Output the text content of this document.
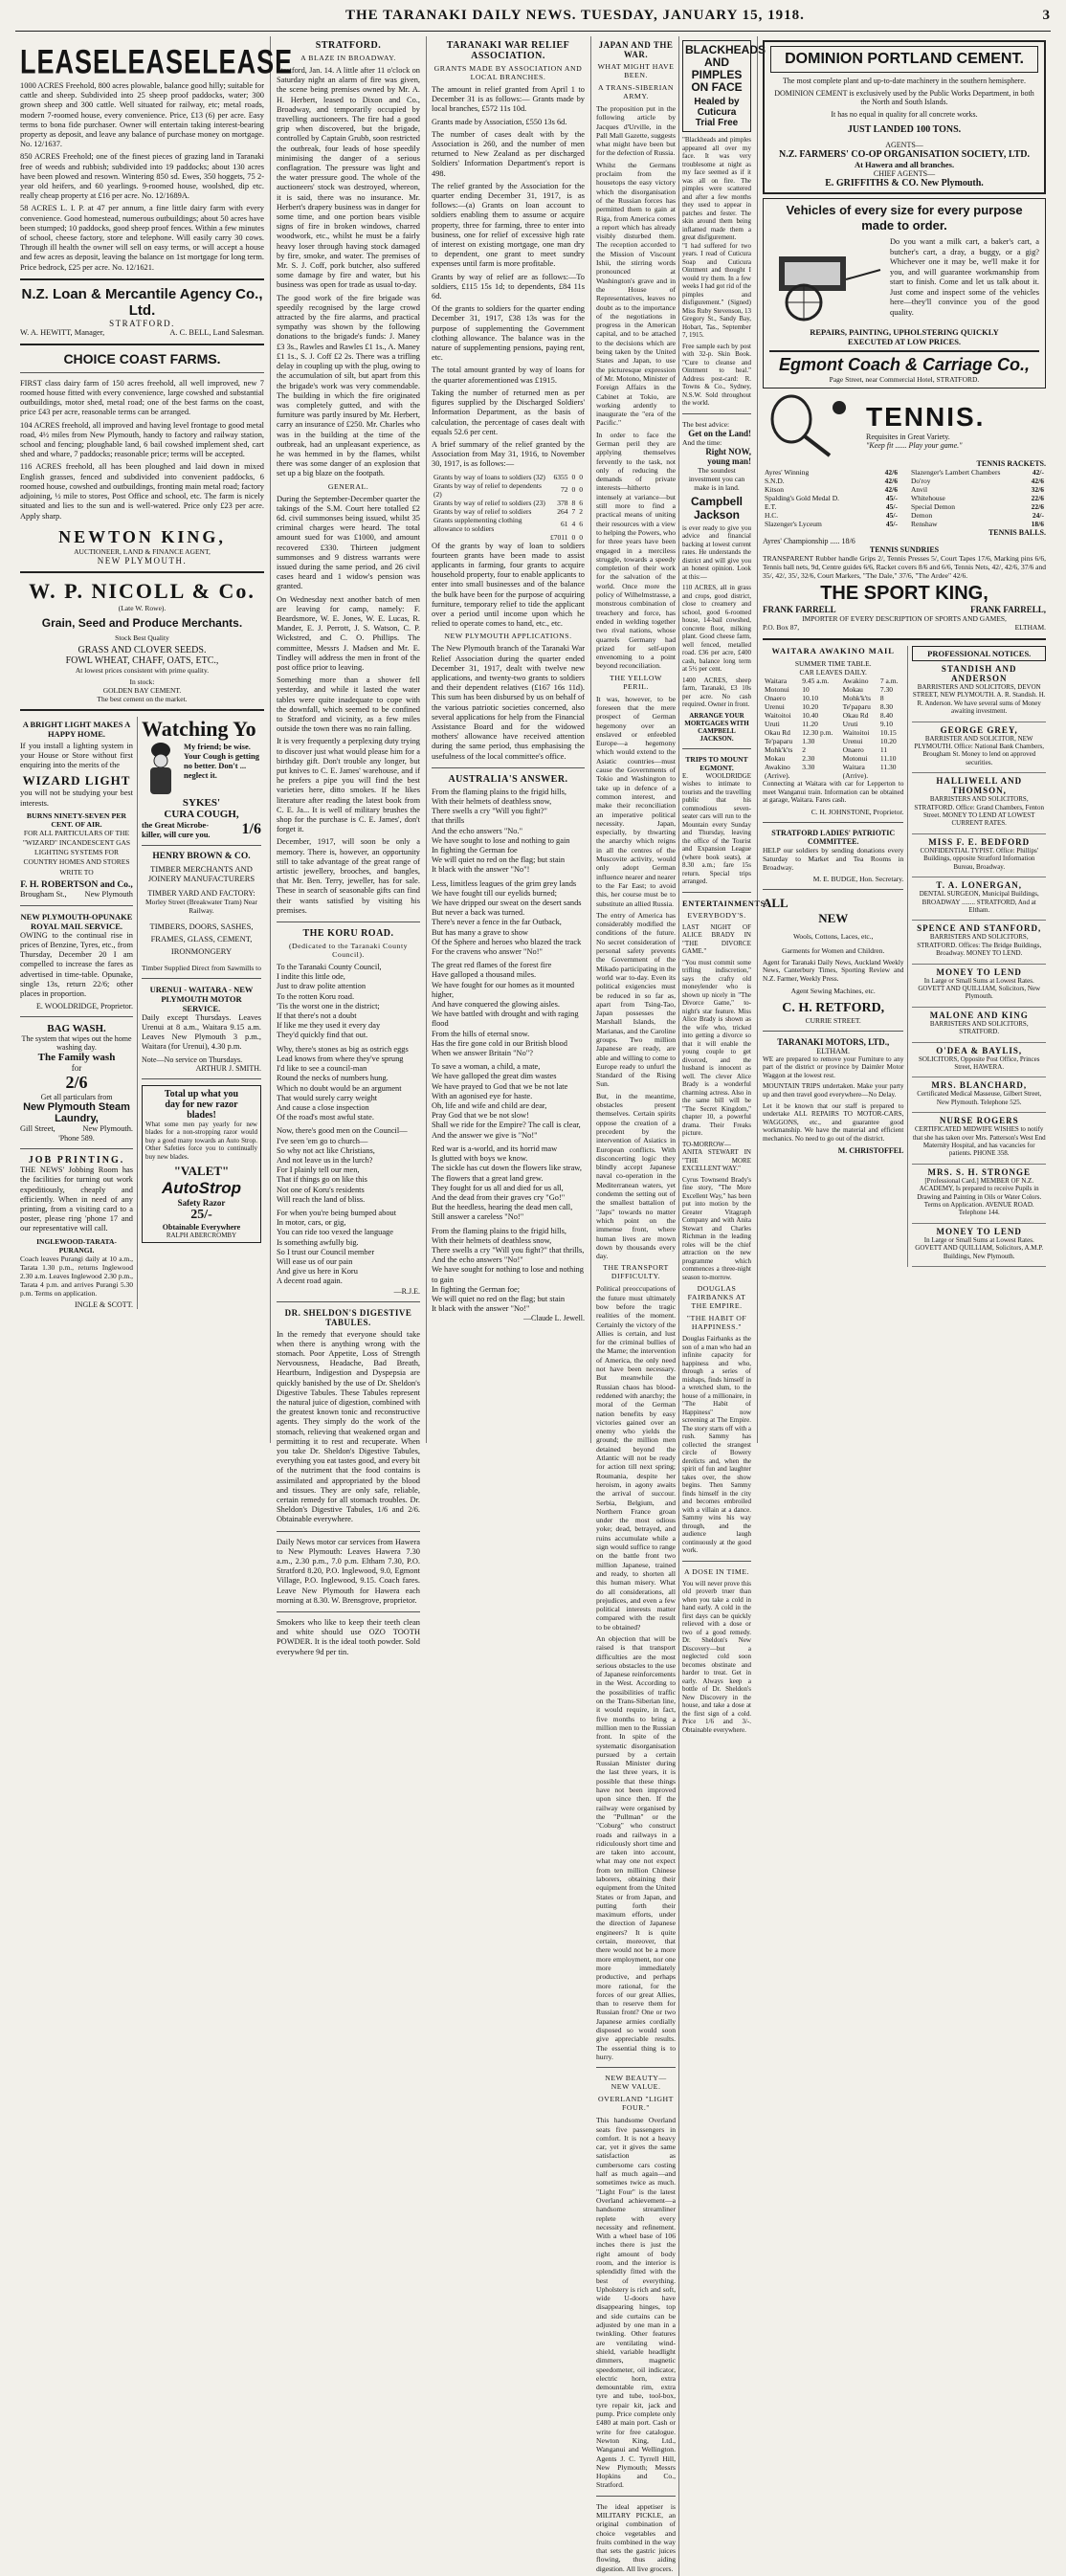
THE TARANAKI DAILY NEWS. TUESDAY, JANUARY 15, 1918.	3
LEASE LEASE LEASE

1000 ACRES Freehold, 800 acres plowable, balance good hilly; suitable for cattle and sheep. Subdivided into 25 sheep proof paddocks, water; 300 grown sheep and 300 cattle. Well situated for railway, etc; metal roads, modern 7-roomed house, every convenience. Price, £13 (6) per acre. Easy terms to bona fide purchaser. Owner will entertain taking interest-bearing property as deposit, and leave any balance of purchase money on mortgage. No. 12/1637.

850 ACRES Freehold; one of the finest pieces of grazing land in Taranaki free of weeds and rubbish; subdivided into 19 paddocks; about 130 acres have been plowed and resown. Wintering 850 sd. Ewes, 350 hoggets, 75 2-year old heifers, and 60 yearlings. 9-roomed house, woolshed, dip etc. really cheap property at £16 per acre. No. 12/1689A.

58 ACRES L. I. P. at 47 per annum, a fine little dairy farm with every convenience. Good homestead, numerous outbuildings; about 50 acres have been stumped; 10 paddocks, good sheep proof fences. Within a few minutes of school, cheese factory, store and telephone. Will easily carry 30 cows. Through ill health the owner will sell on easy terms, or will accept a house and few acres as deposit, leaving the balance on 1st mortgage for long term. Price bedrock, £25 per acre. No. 12/1621.

N.Z. Loan & Mercantile Agency Co., Ltd.
STRATFORD.
W. A. HEWITT, Manager,	A. C. BELL, Land Salesman.
CHOICE COAST FARMS.

FIRST class dairy farm of 150 acres freehold, all well improved, new 7 roomed house fitted with every convenience, large cowshed and substantial outbuildings, motor shed, metal road; one of the best farms on the coast, price £43 per acre, reasonable terms can be arranged.

104 ACRES freehold, all improved and having level frontage to good metal road, 4½ miles from New Plymouth, handy to factory and railway station, school and fencing; ploughable land, 6 bail cowshed implement shed, cart shed and whare, 7 paddocks; reasonable price; terms will be accepted.

116 ACRES freehold, all has been ploughed and laid down in mixed English grasses, fenced and subdivided into convenient paddocks, 6 roomed house, cowshed and outbuildings, fronting main metal road; factory adjoining, ½ mile to stores, Post Office and school, etc. The farm is nicely situated and lies to the sun and is well-watered. Price only £23 per acre. Apply sharp.

NEWTON KING,
AUCTIONEER, LAND & FINANCE AGENT,
NEW PLYMOUTH.
W. P. NICOLL & Co.
(Late W. Rowe).
Grain, Seed and Produce Merchants.
Stock Best Quality
GRASS AND CLOVER SEEDS.
FOWL WHEAT, CHAFF, OATS, ETC.,
At lowest prices consistent with prime quality.
In stock:
GOLDEN BAY CEMENT.
The best cement on the market.
A BRIGHT LIGHT MAKES A HAPPY HOME.

If you install a lighting system in your House or Store without first enquiring into the merits of the

WIZARD LIGHT

you will not be studying your best interests.

BURNS NINETY-SEVEN PER CENT. OF AIR.

FOR ALL PARTICULARS OF THE "WIZARD" INCANDESCENT GAS LIGHTING SYSTEMS FOR COUNTRY HOMES AND STORES WRITE TO

F. H. ROBERTSON and Co.,
Brougham St., New Plymouth
NEW PLYMOUTH-OPUNAKE ROYAL MAIL SERVICE.

OWING to the continual rise in prices of Benzine, Tyres, etc., from Thursday, December 20 I am compelled to increase the fares as advertised in time-table. Opunake, single 13s, return 22/6; other places in proportion.

E. WOOLDRIDGE, Proprietor.
BAG WASH.
The system that wipes out the home washing day.
The Family wash
for
2/6
Get all particulars from
New Plymouth Steam Laundry,
Gill Street,	New Plymouth.
'Phone 589.
JOB PRINTING.

THE NEWS' Jobbing Room has the facilities for turning out work expeditiously, cheaply and efficiently. When in need of any printing, from a visiting card to a poster, please ring 'phone 17 and our representative will call.

INGLEWOOD-TARATA-PURANGI.

Coach leaves Purangi daily at 10 a.m., Tarata 1.30 p.m., returns Inglewood 2.30 a.m. Leaves Inglewood 2.30 p.m., Tarata 4 p.m. and arrives Purangi 5.30 p.m. Terms on application.

INGLE & SCOTT.
Watching Yo
My friend; be wise.
Your Cough is getting no better. Don't ... neglect it.
SYKES'
CURA COUGH,
the Great Microbe-killer, will cure you.	1/6
HENRY BROWN & CO.
TIMBER MERCHANTS AND
JOINERY MANUFACTURERS
TIMBER YARD AND FACTORY:
Morley Street (Breakwater Tram) Near Railway.
TIMBERS, DOORS, SASHES, FRAMES, GLASS, CEMENT, IRONMONGERY
Timber Supplied Direct from Sawmills to
URENUI - WAITARA - NEW PLYMOUTH MOTOR SERVICE.

Daily except Thursdays. Leaves Urenui at 8 a.m., Waitara 9.15 a.m. Leaves New Plymouth 3 p.m., Waitara (for Urenui), 4.30 p.m.

Note—No service on Thursdays.
ARTHUR J. SMITH.
Total up what you
day for new razor
blades!

What some men pay yearly for new blades for a non-stropping razor would buy a good many towards an Auto Strop. Other Safeties force you to continually buy new blades.

"VALET"
AutoStrop
Safety Razor
25/-
Obtainable Everywhere
RALPH ABERCROMBY
STRATFORD.
A BLAZE IN BROADWAY.

Stratford, Jan. 14. A little after 11 o'clock on Saturday night an alarm of fire was given, the scene being premises owned by Mr. A. H. Herbert, leased to Dixon and Co., Broadway, and temporarily occupied by travelling auctioneers. The fire had a good grip when discovered, but the brigade, controlled by Captain Grubb, soon restricted the outbreak, four leads of hose speedily minimising the danger of a serious conflagration. The pressure was light and the water pressure good. The whole of the auctioneers' stock was destroyed, whereon, it is said, there was no insurance. Mr. Herbert's drapery business was in danger for some time, and one portion bears visible signs of fire in broken windows, charred woodwork, etc., whilst he must be a fairly heavy loser through having stock damaged by fire, smoke, and water. The premises of Mr. S. J. Coff, pork butcher, also suffered some damage by fire and water, but his business was open for trade as usual to-day.

The good work of the fire brigade was speedily recognised by the large crowd attracted by the fire alarms, and practical sympathy was shown by the following donations to the brigade's funds: J. Maney £3 3s., Rawles and Rawles £1 1s., A. Maney £1 1s., S. J. Coff £2 2s. There was a trifling delay in coupling up with the plug, owing to the accumulation of silt, but apart from this the brigade's work was very commendable. The building in which the fire originated was completely gutted, and with the furniture was partly insured by Mr. Herbert, carry an insurance of £250. Mr. Charles who was in the building at the time of the outbreak, had an unpleasant experience, as he was hemmed in by the flames, whilst there was some danger of an explosion that set up a big blaze on the footpath.

GENERAL.

During the September-December quarter the takings of the S.M. Court here totalled £2 6d. civil summonses being issued, whilst 35 criminal charges were heard. The total amount sued for was £1000, and amount recovered £330. Thirteen judgment summonses and 9 distress warrants were issued during the same period, and 26 civil cases heard and 1 widow's pension was granted.

On Wednesday next another batch of men are leaving for camp, namely: F. Beardsmore, W. E. Jones, W. E. Lucas, R. Mander, E. J. Perrott, J. S. Watson, C. P. Wickstred, and C. O. Phillips. The committee, Messrs J. Madsen and Mr. E. Tindley will address the men in front of the post office prior to leaving.

Something more than a shower fell yesterday, and while it lasted the water tables were quite inadequate to cope with the downfall, which seemed to be confined to Stratford and vicinity, as a few miles outside the town there was no rain falling.

It is very frequently a perplexing duty trying to discover just what would please him for a birthday gift. Don't trouble any longer, but put knives to C. E. James' warehouse, and if he prefers a pipe you will find the best varieties here, ditto smokes. If he likes literature after reading the latest book from C. E. Ja... It is well of military brushes the shop for the purchase is C. E. James', don't forget it.

December, 1917, will soon be only a memory. There is, however, an opportunity still to take advantage of the great range of artistic jewellery, brooches, and bangles, that Mr. Ben. Terry, jeweller, has for sale. These in search of seasonable gifts can find their wants satisfied by visiting his premises.

THE KORU ROAD.
(Dedicated to the Taranaki County Council).

To the Taranaki County Council,

I indite this little ode,

Just to draw polite attention

To the rotten Koru road.

'Tis the worst one in the district;

If that there's not a doubt

If like me they used it every day

They'd quickly find that out.

Why, there's stones as big as ostrich eggs

Lead knows from where they've sprung

I'd like to see a council-man

Round the necks of numbers hung.

Which no doubt would be an argument

That would surely carry weight

And cause a close inspection

Of the road's most awful state.

Now, there's good men on the Council—

I've seen 'em go to church—

So why not act like Christians,

And not leave us in the lurch?

For I plainly tell our men,

That if things go on like this

Not one of Koru's residents

Will reach the land of bliss.

For when you're being bumped about

In motor, cars, or gig,

You can ride too vexed the language

Is something awfully big.

So I trust our Council member

Will ease us of our pain

And give us here in Koru

A decent road again.

—R.J.E.
DR. SHELDON'S DIGESTIVE TABULES.

In the remedy that everyone should take when there is anything wrong with the stomach. Poor Appetite, Loss of Strength Nervousness, Headache, Bad Breath, Heartburn, Indigestion and Dyspepsia are quickly banished by the use of Dr. Sheldon's Digestive Tabules. These Tabules represent the natural juice of digestion, combined with the greatest known tonic and reconstructive agents. They simply do the work of the stomach, relieving that weakened organ and permitting it to rest and recuperate. When you take Dr. Sheldon's Digestive Tabules, everything you eat tastes good, and every bit of the nutriment that the food contains is assimilated and appropriated by the blood and tissues. They are only safe, reliable, certain remedy for all stomach troubles. Dr. Sheldon's Digestive Tabules, 1/6 and 2/6. Obtainable everywhere.

Daily News motor car services from Hawera to New Plymouth: Leaves Hawera 7.30 a.m., 2.30 p.m., 7.0 p.m. Eltham 7.30, P.O. Stratford 8.20, P.O. Inglewood, 9.0, Egmont Village, P.O. Inglewood, 9.15. Coach fares. Leave New Plymouth for Hawera each morning at 8.30. W. Brensgrove, proprietor.

Smokers who like to keep their teeth clean and white should use OZO TOOTH POWDER. It is the ideal tooth powder. Sold everywhere 9d per tin.

TARANAKI WAR RELIEF ASSOCIATION.
GRANTS MADE BY ASSOCIATION AND LOCAL BRANCHES.

The amount in relief granted from April 1 to December 31 is as follows:— Grants made by local branches, £572 11s 10d.

Grants made by Association, £550 13s 6d.

The number of cases dealt with by the Association is 260, and the number of men returned to New Zealand as per discharged Soldiers' Information Department's report is 498.

The relief granted by the Association for the quarter ending December 31, 1917, is as follows:—(a) Grants on loan account to soldiers enabling them to assume or acquire property, three for farming, three to enter into business, one for relief of excessive high rate of interest on existing mortgage, one man dry to dependent, one grant to meet sundry expenses until farm is more profitable.

Grants by way of relief are as follows:—To soldiers, £115 15s 1d; to dependents, £84 11s 6d.

Of the grants to soldiers for the quarter ending December 31, 1917, £38 13s was for the purpose of supplementing the Government clothing allowance. The balance was in the nature of supplementing pensions, paying rent, etc.

The total amount granted by way of loans for the quarter aforementioned was £1915.

Taking the number of returned men as per figures supplied by the Discharged Soldiers' Information Department, as the basis of calculation, the percentage of cases dealt with equals 52.6 per cent.

A brief summary of the relief granted by the Association from May 31, 1916, to November 30, 1917, is as follows:—

Grants by way of loans to soldiers (32)	6355	0	0
Grants by way of relief to dependents (2)	72	0	0
Grants by way of relief to soldiers (23)	378	8	6
Grants by way of relief to soldiers	264	7	2
Grants supplementing clothing allowance to soldiers	61	4	6
	£7011	0	0

Of the grants by way of loan to soldiers fourteen grants have been made to assist applicants in farming, four grants to acquire household property, four to enable applicants to enter into small businesses and of the balance the bulk have been for the purpose of acquiring furniture, temporary relief to tide the applicant over a period until income upon which he relied to operate comes to hand, etc., etc.

NEW PLYMOUTH APPLICATIONS.

The New Plymouth branch of the Taranaki War Relief Association during the quarter ended December 31, 1917, dealt with twelve new applications, and twenty-two grants to soldiers and their dependent relatives (£167 16s 11d). This sum has been disbursed by us on behalf of the various patriotic societies concerned, also several applications for help from the Financial Assistance Board and for the widowed mothers' allowance have received attention during the same period, thus emphasising the usefulness of the local committee's office.

AUSTRALIA'S ANSWER.

From the flaming plains to the frigid hills,

With their helmets of deathless snow,

There swells a cry "Will you fight?"

that thrills

And the echo answers "No."

We have sought to lose and nothing to gain

In fighting the German foe

We will quiet no red on the flag; but stain

It black with the answer "No"!

Less, limitless leagues of the grim grey lands

We have fought till our eyelids burned;

We have dripped our sweat on the desert sands

But never a back was turned.

There's never a fence in the far Outback,

But has many a grave to show

Of the Sphere and heroes who blazed the track

For the cravens who answer "No!"

The great red flames of the forest fire

Have galloped a thousand miles.

We have fought for our homes as it mounted higher,

And have conquered the glowing aisles.

We have battled with drought and with raging flood

From the hills of eternal snow.

Has the fire gone cold in our British blood

When we answer Britain "No"?

To save a woman, a child, a mate,

We have galloped the great dim wastes

We have prayed to God that we be not late

With an agonised eye for haste.

Oh, life and wife and child are dear,

Pray God that we be not slow!

Shall we ride for the Empire? The call is clear,

And the answer we give is "No!"

Red war is a-world, and its horrid maw

Is glutted with boys we know.

The sickle has cut down the flowers like straw,

The flowers that a great land grew.

They fought for us all and died for us all,

And the dead from their graves cry "Go!"

But the heedless, hearing the dead men call,

Still answer a careless "No!"

From the flaming plains to the frigid hills,

With their helmets of deathless snow,

There swells a cry "Will you fight?" that thrills,

And the echo answers "No!"

We have sought for nothing to lose and nothing to gain

In fighting the German foe;

We will quiet no red on the flag; but stain

It black with the answer "No!"

—Claude L. Jewell.
JAPAN AND THE WAR.
WHAT MIGHT HAVE BEEN.
A TRANS-SIBERIAN ARMY.

The proposition put in the following article by Jacques d'Urville, in the Pall Mall Gazette, suggests what might have been but for the defection of Russia.

Whilst the Germans proclaim from the housetops the easy victory which the disorganisation of the Russian forces has permitted them to gain at Riga, from America comes a report which has already visibly disturbed them. The reception accorded to the Mission of Viscount Ishii, the stirring words pronounced at Washington's grave and in the House of Representatives, leaves no doubt as to the importance of the negotiations in progress in the American capital, and to be attached to the decisions which are being taken by the United States and Japan, to use the picturesque expression of Mr. Motono, Minister of Foreign Affairs in the Cabinet at Tokio, are working ardently to inaugurate the "era of the Pacific."

In order to face the German peril they are applying themselves fervently to the task, not only of reducing the demands of private interests—hitherto intensely at variance—but still more to find a practical means of uniting their resources with a view to helping the Powers, who for three years have been engaged in a merciless struggle, towards a speedy completion of their work for the salvation of the world. Once more the policy of Wilhelmstrasse, a monstrous combination of treachery and force, has ended in welding together two rival nations, whose quarrels Germany had prized for self-upon envenoming to a point beyond reconciliation.

THE YELLOW PERIL.

It was, however, to be foreseen that the mere prospect of German hegemony over an enslaved or enfeebled Europe—a hegemony which would extend to the Asiatic countries—must cause the Governments of Tokio and Washington to take up in defence of a common interest, and make their reconciliation an imperative political necessity. Japan, especially, by thwarting the anarchy which reigns in all the centres of the Muscovite activity, would only adopt German influence nearer and nearer to the Far East; to avoid this, her course must be to substitute an allied Russia.

The entry of America has considerably modified the conditions of the future. No secret consideration of personal safety prevents the Government of the Mikado participating in the world war to-day. Even its political exigencies must be reduced in so far as, apart from Tsing-Tao, Japan possesses the Marshall Islands, the Marianas, and the Caroline groups. Two million Japanese are ready, are able and willing to come to Europe ready to unfurl the Standard of the Rising Sun.

But, in the meantime, obstacles present themselves. Certain spirits oppose the creation of a precedent by the intervention of Asiatics in European conflicts. With disconcerting logic they blindly accept Japanese naval co-operation in the Mediterranean waters, yet condemn the setting out of the smallest battalion of "Japs" towards no matter which point on the immense front, where human lives are mown down by thousands every day.

THE TRANSPORT DIFFICULTY.

Political preoccupations of the future must ultimately bow before the tragic realities of the moment. Certainly the victory of the Allies is certain, and lust for the criminal bullies of the Marne; the intervention of America, the only need not have been necessary. But meanwhile the Russian chaos has blood-reddened with anarchy; the moral of the German nation benefits by easy victories gained over an enemy who yields the ground; the million men detained beyond the Atlantic will not be ready for action till next spring; Roumania, despite her heroism, in agony awaits the arrival of succour. Serbia, Belgium, and Northern France groan under the most odious yoke; dead, betrayed, and ruins accumulate while a sign would suffice to range on the battle front two million Japanese, trained and ready, to shorten all this human misery. What do all considerations, all prejudices, and even a few political interests matter compared with the result to be obtained?

An objection that will be raised is that transport difficulties are the most serious obstacles to the use of Japanese reinforcements in the West. According to the possibilities of traffic on the Trans-Siberian line, it would require, in fact, five months to bring a million men to the Russian front. In spite of the systematic disorganisation pursued by a certain Russian Minister during the last three years, it is possible that these things have not been improved upon since then. If the railway were organised by the "Pullman" or the "Coburg" who construct roads and railways in a ridiculously short time and are taken into account, what may one not expect from ten million Chinese laborers, obtaining their equipment from the United States or from Japan, and putting forth their maximum efforts, under the direction of Japanese engineers? It is quite certain, moreover, that there would not be a more more employment, nor one more immediately productive, and perhaps more rational, for the forces of our great Allies, than to reserve them for Russian front? One or two Japanese armies cordially disposed so would soon give appreciable results. The essential thing is to hurry.

NEW BEAUTY—NEW VALUE.
OVERLAND "LIGHT FOUR."

This handsome Overland seats five passengers in comfort. It is not a heavy car, yet it gives the same satisfaction as cumbersome cars costing half as much again—and sometimes twice as much. "Light Four" is the latest Overland achievement—a handsome streamliner replete with every necessity and refinement. With a wheel base of 106 inches there is just the right amount of body room, and the interior is splendidly fitted with the best of everything. Upholstery is rich and soft, wide U-doors have disappearing hinges, top and side curtains can be adjusted by one man in a twinkling. Other features are ventilating wind-shield, variable headlight dimmers, magnetic speedometer, oil indicator, electric horn, extra demountable rim, extra tyre and tube, tool-box, tyre repair kit, jack and pump. Price complete only £480 at main port. Cash or write for free catalogue. Newton King, Ltd., Wanganui and Wellington. Agents J. C. Tyrrell Hill, New Plymouth; Messrs Hopkins and Co., Stratford.

The ideal appetiser is MILITARY PICKLE, an original combination of choice vegetables and fruits combined in the way that sets the gastric juices flowing, thus aiding digestion. All live grocers.

BLACKHEADS AND
PIMPLES ON FACE
Healed by Cuticura
Trial Free

"Blackheads and pimples appeared all over my face. It was very troublesome at night as my face seemed as if it was all on fire. The pimples were scattered and after a few months they used to appear in patches and fester. The skin around them being inflamed made them a great disfigurement.
"I had suffered for two years. I read of Cuticura Soap and Cuticura Ointment and thought I would try them. In a few weeks I had got rid of the pimples and disfigurement." (Signed) Miss Ruby Stevenson, 13 Gregory St., Sandy Bay, Hobart, Tas., September 7, 1915.

Free sample each by post with 32-p. Skin Book. "Cure to cleanse and Ointment to heal." Address post-card: R. Towns & Co., Sydney, N.S.W. Sold throughout the world.

The best advice:
Get on the Land!
And the time:
Right NOW, young man!
The soundest investment you can make is in land.
Campbell Jackson

is ever ready to give you advice and financial backing at lowest current rates. He understands the district and will give you an honest opinion. Look at this:—

110 ACRES, all in grass and crops, good district, close to creamery and school, good 6-roomed house, 14-bail cowshed, concrete floor, milking plant. Good cheese farm, well fenced, metalled road. £36 per acre, £400 cash, balance long term at 5½ per cent.

1400 ACRES, sheep farm, Taranaki, £3 10s per acre. No cash required. Owner in front.

ARRANGE YOUR MORTGAGES WITH CAMPBELL JACKSON.
TRIPS TO MOUNT EGMONT.

E. WOOLDRIDGE wishes to intimate to tourists and the travelling public that his commodious seven-seater cars will run to the Mountain every Sunday and Thursday, leaving the office of the Tourist and Expansion League (where book seats), at 8.30 a.m.; fare 15s return. Special trips arranged.

ENTERTAINMENTS.
EVERYBODY'S.

LAST NIGHT OF ALICE BRADY IN "THE DIVORCE GAME."

"You must commit some trifling indiscretion," says the crafty old moneylender who is shown up nicely in "The Divorce Game," to-night's star feature. Miss Alice Brady is shown as the wife who, tricked into getting a divorce so that it will enable the young couple to get divorced, and the husband is innocent as well. The clever Alice Brady is a wonderful charming actress. Also in the same bill will be "The Secret Kingdom," chapter 10, a powerful drama. Their Freaks picture.

TO-MORROW—ANITA STEWART IN "THE MORE EXCELLENT WAY."

Cyrus Townsend Brady's fine story, "The More Excellent Way," has been put into motion by the Greater Vitagraph Company and with Anita Stewart and Charles Richman in the leading roles will be the chief attraction on the new programme which commences a three-night season to-morrow.

DOUGLAS FAIRBANKS AT THE EMPIRE.
"THE HABIT OF HAPPINESS."

Douglas Fairbanks as the son of a man who had an infinite capacity for happiness and who, through a series of mishaps, finds himself in a wretched slum, to the house of a millionaire, in "The Habit of Happiness" now screening at The Empire. The story starts off with a rush. Sammy has collected the strangest circle of Bowery derelicts and, when the spirit of fun and laughter takes over, the show begins. Then Sammy finds himself in the city and becomes embroiled with a villain at a dance. Sammy wins his way through, and the audience laugh continuously at the good work.

A DOSE IN TIME.

You will never prove this old proverb truer than when you take a cold in hand early. A cold in the first days can be quickly relieved with a dose or two of a good remedy. Dr. Sheldon's New Discovery—but a neglected cold soon becomes obstinate and harder to treat. Get in early. Always keep a bottle of Dr. Sheldon's New Discovery in the house, and take a dose at the first sign of a cold. Price 1/6 and 3/-. Obtainable everywhere.

DOMINION PORTLAND CEMENT.
The most complete plant and up-to-date machinery in the southern hemisphere.
DOMINION CEMENT is exclusively used by the Public Works Department, in both the North and South Islands.
It has no equal in quality for all concrete works.
JUST LANDED 100 TONS.
AGENTS—
N.Z. FARMERS' CO-OP ORGANISATION SOCIETY, LTD.
At Hawera and all branches.
CHIEF AGENTS—
E. GRIFFITHS & CO. New Plymouth.
Vehicles of every size for every purpose made to order.

Do you want a milk cart, a baker's cart, a butcher's cart, a dray, a buggy, or a gig? Whichever one it may be, we'll make it for you, and will guarantee workmanship from start to finish. Come and let us talk about it. Just come and inspect some of the vehicles here—they'll convince you of the good quality.

REPAIRS, PAINTING, UPHOLSTERING QUICKLY EXECUTED AT LOW PRICES.
Egmont Coach & Carriage Co.,
Page Street, near Commercial Hotel, STRATFORD.
TENNIS.
Requisites in Great Variety.
"Keep fit ...... Play your game."
TENNIS RACKETS.
Ayres' Winning	42/6
S.N.D.	42/6
Kitson	42/6
Spalding's Gold Medal D.	45/-
E.T.	45/-
H.C.	45/-
Slazenger's Lyceum	45/-
Slazenger's Lambert Chambers	42/-
Do'roy	42/6
Anvil	32/6
Whitehouse	22/6
Special Demon	22/6
Demon	24/-
Renshaw	18/6
TENNIS BALLS.
Ayres' Championship ..... 18/6
TENNIS SUNDRIES

TRANSPARENT Rubber handle Grips 2/, Tennis Presses 5/, Court Tapes 17/6, Marking pins 6/6, Tennis ball nets, 9d, Centre guides 6/6, Racket covers 8/6 and 6/6, Tennis Nets, 42/, 42/6, 37/6 and 35/, 42/, 35/, 32/6, Court Markers, "The Dale," 37/6, "The Ardee" 42/6.

THE SPORT KING,
FRANK FARRELL	FRANK FARRELL,
IMPORTER OF EVERY DESCRIPTION OF SPORTS AND GAMES,
P.O. Box 87,	ELTHAM.
WAITARA AWAKINO MAIL
SUMMER TIME TABLE.
CAR LEAVES DAILY.
Waitara	9.45 a.m.	Awakino	7 a.m.
Motonui	10	Mokau	7.30
Onaero	10.10	Mohk'k'ts	8
Urenui	10.20	Te'paparu	8.30
Waitoitoi	10.40	Okau Rd	8.40
Uruti	11.20	Uruti	9.10
Okau Rd	12.30 p.m.	Waitoitoi	10.15
Te'paparu	1.30	Urenui	10.20
Mohk'k'ts	2	Onaero	11
Mokau	2.30	Motonui	11.10
Awakino	3.30	Waitara	11.30
(Arrive).		(Arrive).	

Connecting at Waitara with car for Lepperton to meet Wanganui train. Information can be obtained at garage, Waitara. Fares cash.

C. H. JOHNSTONE, Proprietor.
STRATFORD LADIES' PATRIOTIC COMMITTEE.

HELP our soldiers by sending donations every Saturday to Market and Tea Rooms in Broadway.

M. E. BUDGE, Hon. Secretary.
ALL
NEW
Wools, Cottons, Laces, etc.,
Garments for Women and Children.

Agent for Taranaki Daily News, Auckland Weekly News, Canterbury Times, Sporting Review and N.Z. Farmer, Weekly Press.

Agent Sewing Machines, etc.
C. H. RETFORD,
CURRIE STREET.
TARANAKI MOTORS, LTD.,
ELTHAM.

WE are prepared to remove your Furniture to any part of the district or province by Daimler Motor Waggon at the lowest rest.

MOUNTAIN TRIPS undertaken. Make your party up and then travel good everywhere—No Delay.

Let it be known that our staff is prepared to undertake ALL REPAIRS TO MOTOR-CARS, WAGGONS, etc., and guarantee good workmanship. We have the material and efficient mechanics. No need to go out of the district.

M. CHRISTOFFEL
PROFESSIONAL NOTICES.
STANDISH AND ANDERSON

BARRISTERS AND SOLICITORS, DEVON STREET, NEW PLYMOUTH. A. R. Standish. H. R. Anderson. We have several sums of Money awaiting investment.

GEORGE GREY,

BARRISTER AND SOLICITOR, NEW PLYMOUTH. Office: National Bank Chambers, Brougham St. Money to lend on approved securities.

HALLIWELL AND THOMSON,

BARRISTERS AND SOLICITORS, STRATFORD. Office: Grand Chambers, Fenton Street. MONEY TO LEND AT LOWEST CURRENT RATES.

MISS F. E. BEDFORD

CONFIDENTIAL TYPIST. Office: Phillips' Buildings, opposite Stratford Information Bureau, Broadway.

T. A. LONERGAN,

DENTAL SURGEON, Municipal Buildings, BROADWAY ........ STRATFORD, And at Eltham.

SPENCE AND STANFORD,

BARRISTERS AND SOLICITORS, STRATFORD. Offices: The Bridge Buildings, Broadway. MONEY TO LEND.

MONEY TO LEND

In Large or Small Sums at Lowest Rates. GOVETT AND QUILLIAM, Solicitors, New Plymouth.

MALONE AND KING

BARRISTERS AND SOLICITORS, STRATFORD.

O'DEA & BAYLIS,

SOLICITORS, Opposite Post Office, Princes Street, HAWERA.

MRS. BLANCHARD,

Certificated Medical Masseuse, Gilbert Street, New Plymouth. Telephone 525.

NURSE ROGERS

CERTIFICATED MIDWIFE WISHES to notify that she has taken over Mrs. Patterson's West End Maternity Hospital, and has vacancies for patients. PHONE 358.

MRS. S. H. STRONGE

[Professional Card.] MEMBER OF N.Z. ACADEMY, Is prepared to receive Pupils in Drawing and Painting in Oils or Water Colors. Terms on Application. AVENUE ROAD. Telephone 144.

MONEY TO LEND

In Large or Small Sums at Lowest Rates. GOVETT AND QUILLIAM, Solicitors, A.M.P. Buildings, New Plymouth.
